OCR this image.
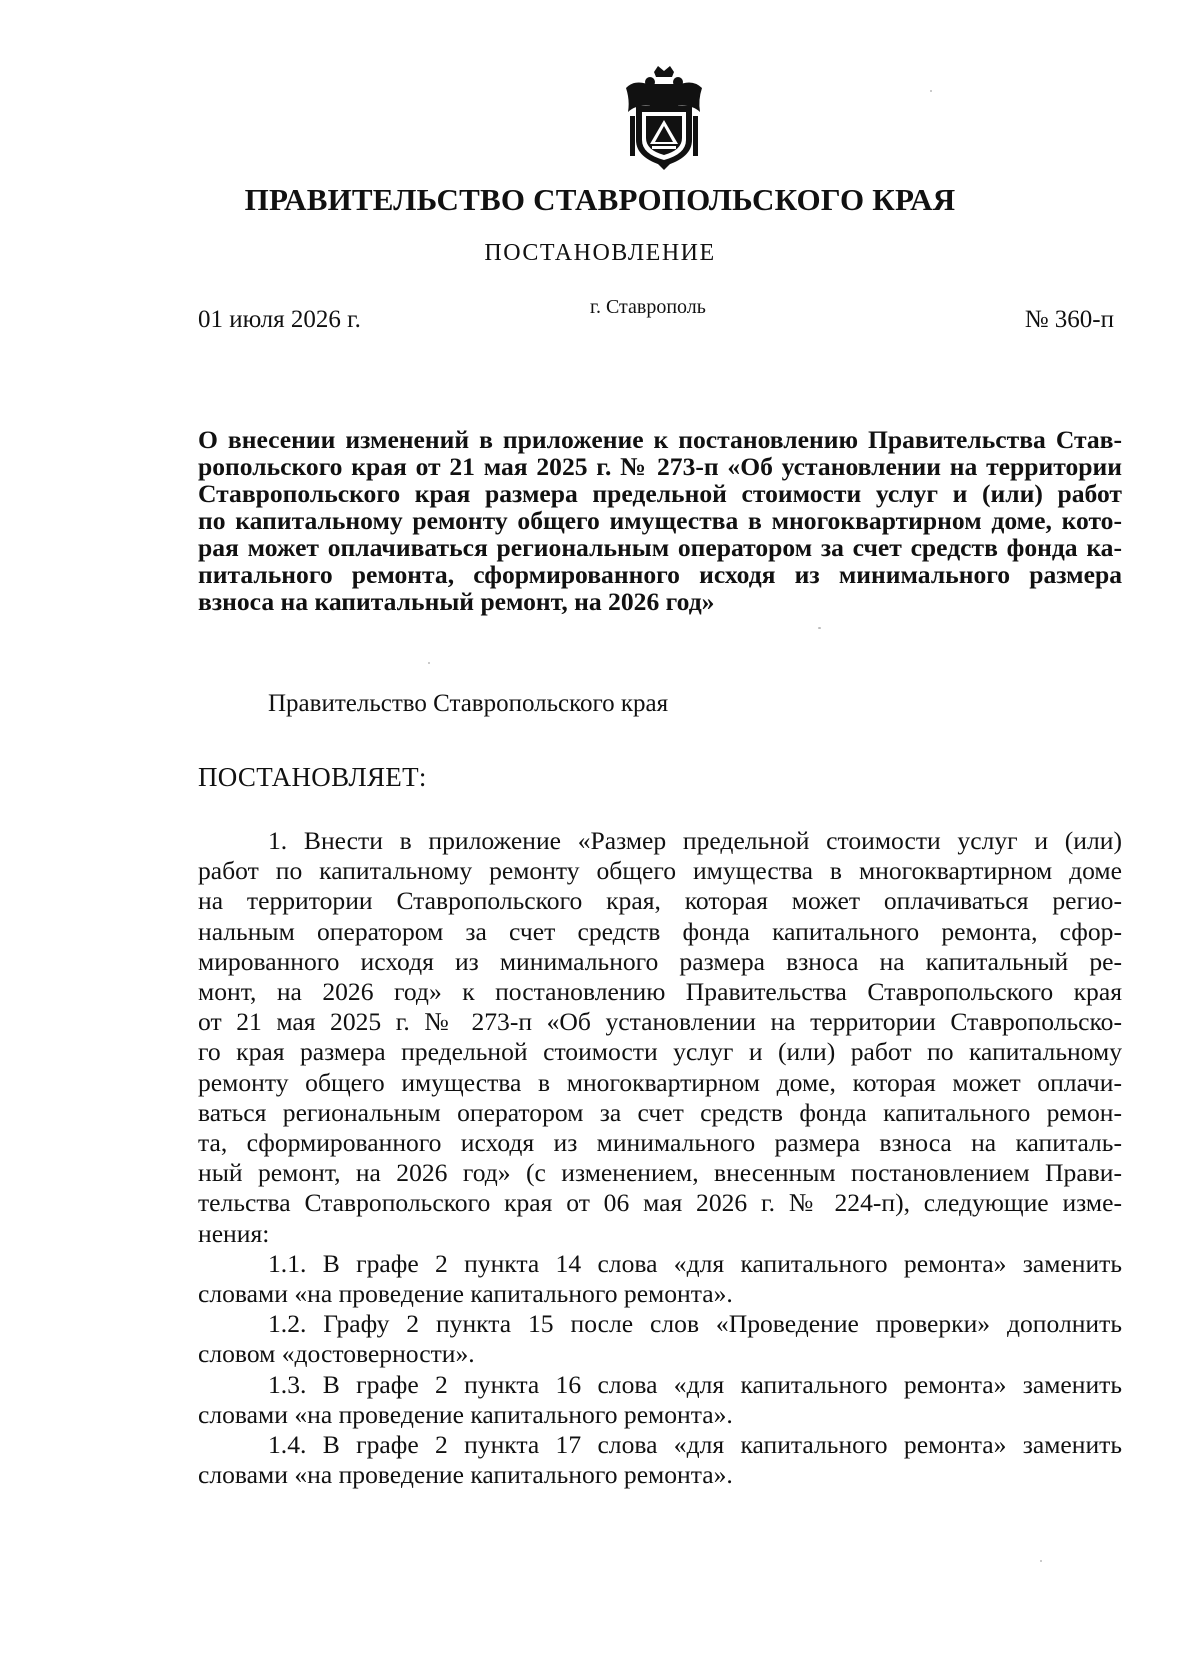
ПРАВИТЕЛЬСТВО СТАВРОПОЛЬСКОГО КРАЯ
ПОСТАНОВЛЕНИЕ
01 июля 2026 г.	г. Ставрополь	№ 360-п
О внесении изменений в приложение к постановлению Правительства Став-
ропольского края от 21 мая 2025 г. № 273-п «Об установлении на территории
Ставропольского края размера предельной стоимости услуг и (или) работ
по капитальному ремонту общего имущества в многоквартирном доме, кото-
рая может оплачиваться региональным оператором за счет средств фонда ка-
питального ремонта, сформированного исходя из минимального размера
взноса на капитальный ремонт, на 2026 год»
Правительство Ставропольского края
ПОСТАНОВЛЯЕТ:
1. Внести в приложение «Размер предельной стоимости услуг и (или)
работ по капитальному ремонту общего имущества в многоквартирном доме
на территории Ставропольского края, которая может оплачиваться регио-
нальным оператором за счет средств фонда капитального ремонта, сфор-
мированного исходя из минимального размера взноса на капитальный ре-
монт, на 2026 год» к постановлению Правительства Ставропольского края
от 21 мая 2025 г. № 273-п «Об установлении на территории Ставропольско-
го края размера предельной стоимости услуг и (или) работ по капитальному
ремонту общего имущества в многоквартирном доме, которая может оплачи-
ваться региональным оператором за счет средств фонда капитального ремон-
та, сформированного исходя из минимального размера взноса на капиталь-
ный ремонт, на 2026 год» (с изменением, внесенным постановлением Прави-
тельства Ставропольского края от 06 мая 2026 г. № 224-п), следующие изме-
нения:
1.1. В графе 2 пункта 14 слова «для капитального ремонта» заменить
словами «на проведение капитального ремонта».
1.2. Графу 2 пункта 15 после слов «Проведение проверки» дополнить
словом «достоверности».
1.3. В графе 2 пункта 16 слова «для капитального ремонта» заменить
словами «на проведение капитального ремонта».
1.4. В графе 2 пункта 17 слова «для капитального ремонта» заменить
словами «на проведение капитального ремонта».
